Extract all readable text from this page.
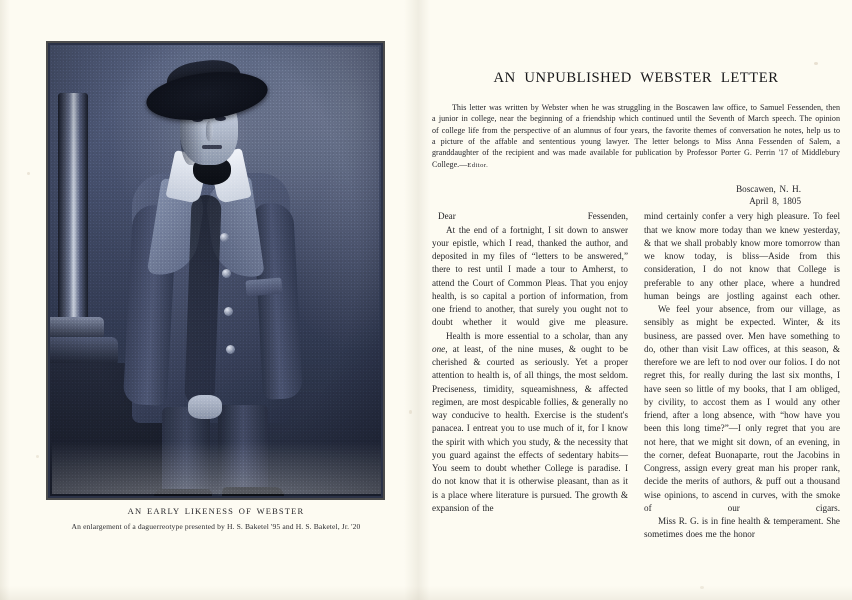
AN EARLY LIKENESS OF WEBSTER
An enlargement of a daguerreotype presented by H. S. Baketel '95 and H. S. Baketel, Jr. '20
AN UNPUBLISHED WEBSTER LETTER
This letter was written by Webster when he was struggling in the Boscawen law office, to Samuel Fessenden, then a junior in college, near the beginning of a friendship which continued until the Seventh of March speech. The opinion of college life from the perspective of an alumnus of four years, the favorite themes of conversation he notes, help us to a picture of the affable and sententious young lawyer. The letter belongs to Miss Anna Fessenden of Salem, a granddaughter of the recipient and was made available for publication by Professor Porter G. Perrin '17 of Middlebury College.—Editor.
Boscawen, N. H.
April 8, 1805

Dear Fessenden,

At the end of a fortnight, I sit down to answer your epistle, which I read, thanked the author, and deposited in my files of “letters to be answered,” there to rest until I made a tour to Amherst, to attend the Court of Common Pleas. That you enjoy health, is so capital a portion of information, from one friend to another, that surely you ought not to doubt whether it would give me pleasure.

Health is more essential to a scholar, than any one, at least, of the nine muses, & ought to be cherished & courted as seriously. Yet a proper attention to health is, of all things, the most seldom. Preciseness, timidity, squeamishness, & affected regimen, are most despicable follies, & generally no way conducive to health. Exercise is the student's panacea. I entreat you to use much of it, for I know the spirit with which you study, & the necessity that you guard against the effects of sedentary habits—You seem to doubt whether College is paradise. I do not know that it is otherwise pleasant, than as it is a place where literature is pursued. The growth & expansion of the

mind certainly confer a very high pleasure. To feel that we know more today than we knew yesterday, & that we shall probably know more tomorrow than we know today, is bliss—Aside from this consideration, I do not know that College is preferable to any other place, where a hundred human beings are jostling against each other.

We feel your absence, from our village, as sensibly as might be expected. Winter, & its business, are passed over. Men have something to do, other than visit Law offices, at this season, & therefore we are left to nod over our folios. I do not regret this, for really during the last six months, I have seen so little of my books, that I am obliged, by civility, to accost them as I would any other friend, after a long absence, with “how have you been this long time?”—I only regret that you are not here, that we might sit down, of an evening, in the corner, defeat Buonaparte, rout the Jacobins in Congress, assign every great man his proper rank, decide the merits of authors, & puff out a thousand wise opinions, to ascend in curves, with the smoke of our cigars.

Miss R. G. is in fine health & temperament. She sometimes does me the honor
